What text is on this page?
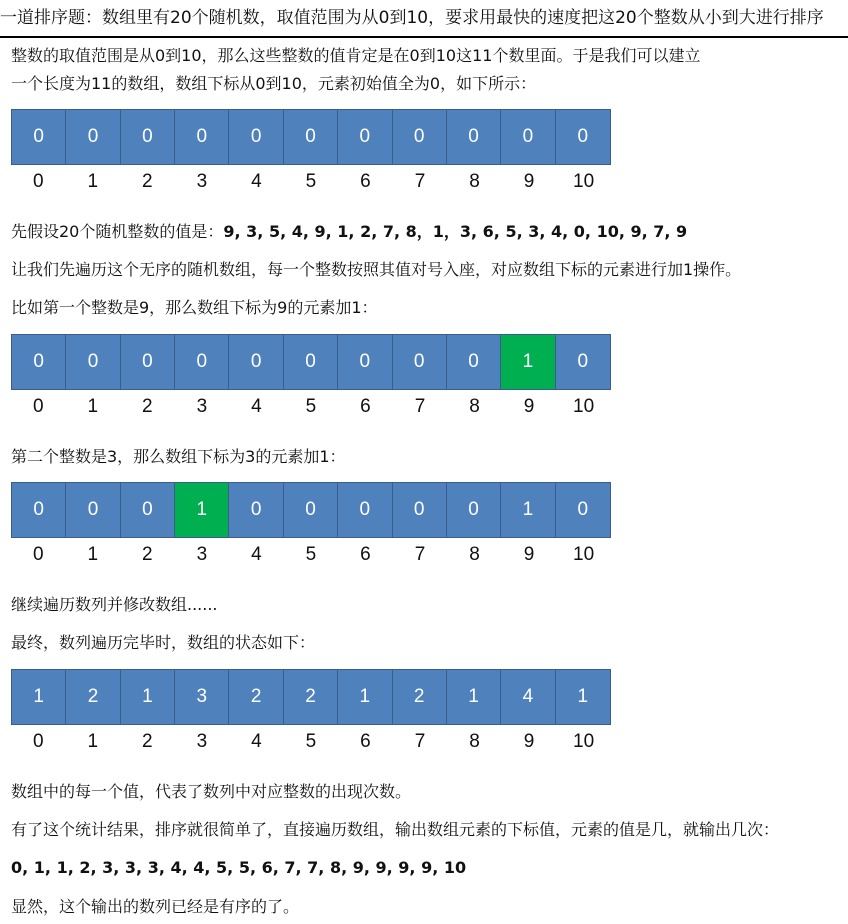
一道排序题：数组里有20个随机数，取值范围为从0到10，要求用最快的速度把这20个整数从小到大进行排序
整数的取值范围是从0到10，那么这些整数的值肯定是在0到10这11个数里面。于是我们可以建立
一个长度为11的数组，数组下标从0到10，元素初始值全为0，如下所示：
0	0	0	0	0	0	0	0	0	0	0
0	1	2	3	4	5	6	7	8	9	10
先假设20个随机整数的值是：9, 3, 5, 4, 9, 1, 2, 7, 8，1，3, 6, 5, 3, 4, 0, 10, 9, 7, 9
让我们先遍历这个无序的随机数组，每一个整数按照其值对号入座，对应数组下标的元素进行加1操作。
比如第一个整数是9，那么数组下标为9的元素加1：
0	0	0	0	0	0	0	0	0	1	0
0	1	2	3	4	5	6	7	8	9	10
第二个整数是3，那么数组下标为3的元素加1：
0	0	0	1	0	0	0	0	0	1	0
0	1	2	3	4	5	6	7	8	9	10
继续遍历数列并修改数组......
最终，数列遍历完毕时，数组的状态如下：
1	2	1	3	2	2	1	2	1	4	1
0	1	2	3	4	5	6	7	8	9	10
数组中的每一个值，代表了数列中对应整数的出现次数。
有了这个统计结果，排序就很简单了，直接遍历数组，输出数组元素的下标值，元素的值是几，就输出几次：
0, 1, 1, 2, 3, 3, 3, 4, 4, 5, 5, 6, 7, 7, 8, 9, 9, 9, 9, 10
显然，这个输出的数列已经是有序的了。
